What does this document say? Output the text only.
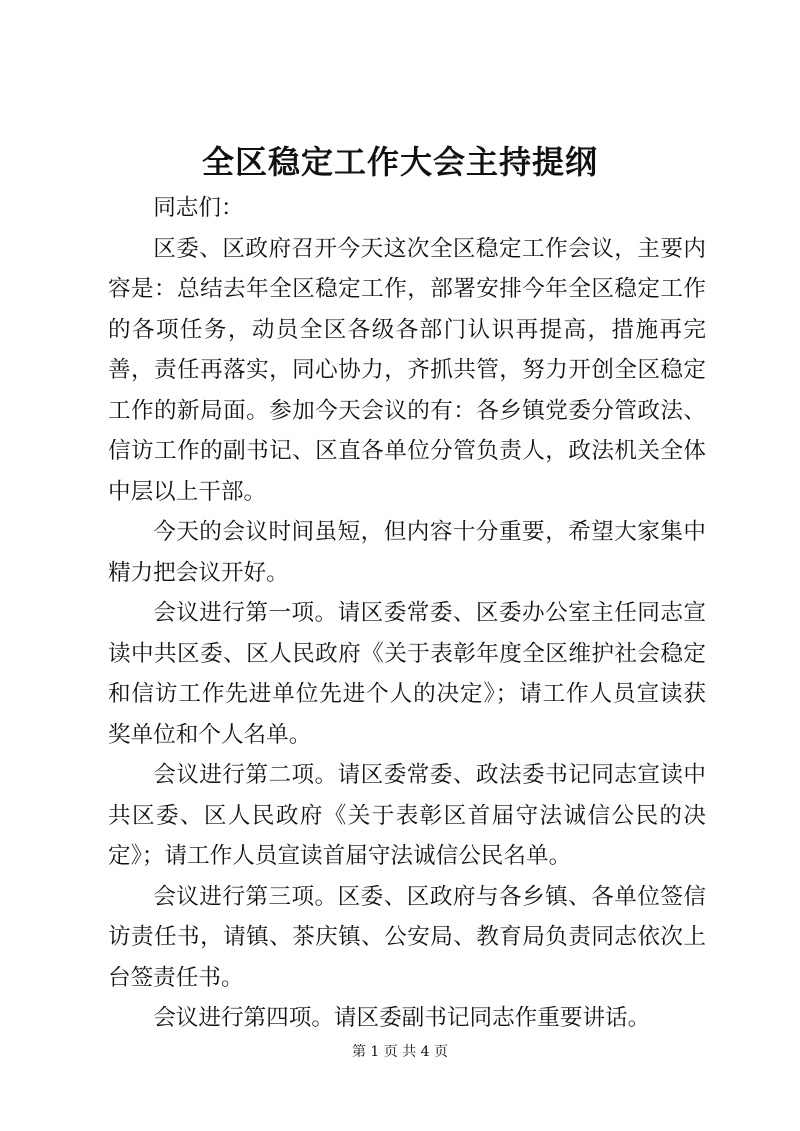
全区稳定工作大会主持提纲

同志们：

区委、区政府召开今天这次全区稳定工作会议，主要内容是：总结去年全区稳定工作，部署安排今年全区稳定工作的各项任务，动员全区各级各部门认识再提高，措施再完善，责任再落实，同心协力，齐抓共管，努力开创全区稳定工作的新局面。参加今天会议的有：各乡镇党委分管政法、信访工作的副书记、区直各单位分管负责人，政法机关全体中层以上干部。

今天的会议时间虽短，但内容十分重要，希望大家集中精力把会议开好。

会议进行第一项。请区委常委、区委办公室主任同志宣读中共区委、区人民政府《关于表彰年度全区维护社会稳定和信访工作先进单位先进个人的决定》；请工作人员宣读获奖单位和个人名单。

会议进行第二项。请区委常委、政法委书记同志宣读中共区委、区人民政府《关于表彰区首届守法诚信公民的决定》；请工作人员宣读首届守法诚信公民名单。

会议进行第三项。区委、区政府与各乡镇、各单位签信访责任书，请镇、茶庆镇、公安局、教育局负责同志依次上台签责任书。

会议进行第四项。请区委副书记同志作重要讲话。

第 1 页 共 4 页
